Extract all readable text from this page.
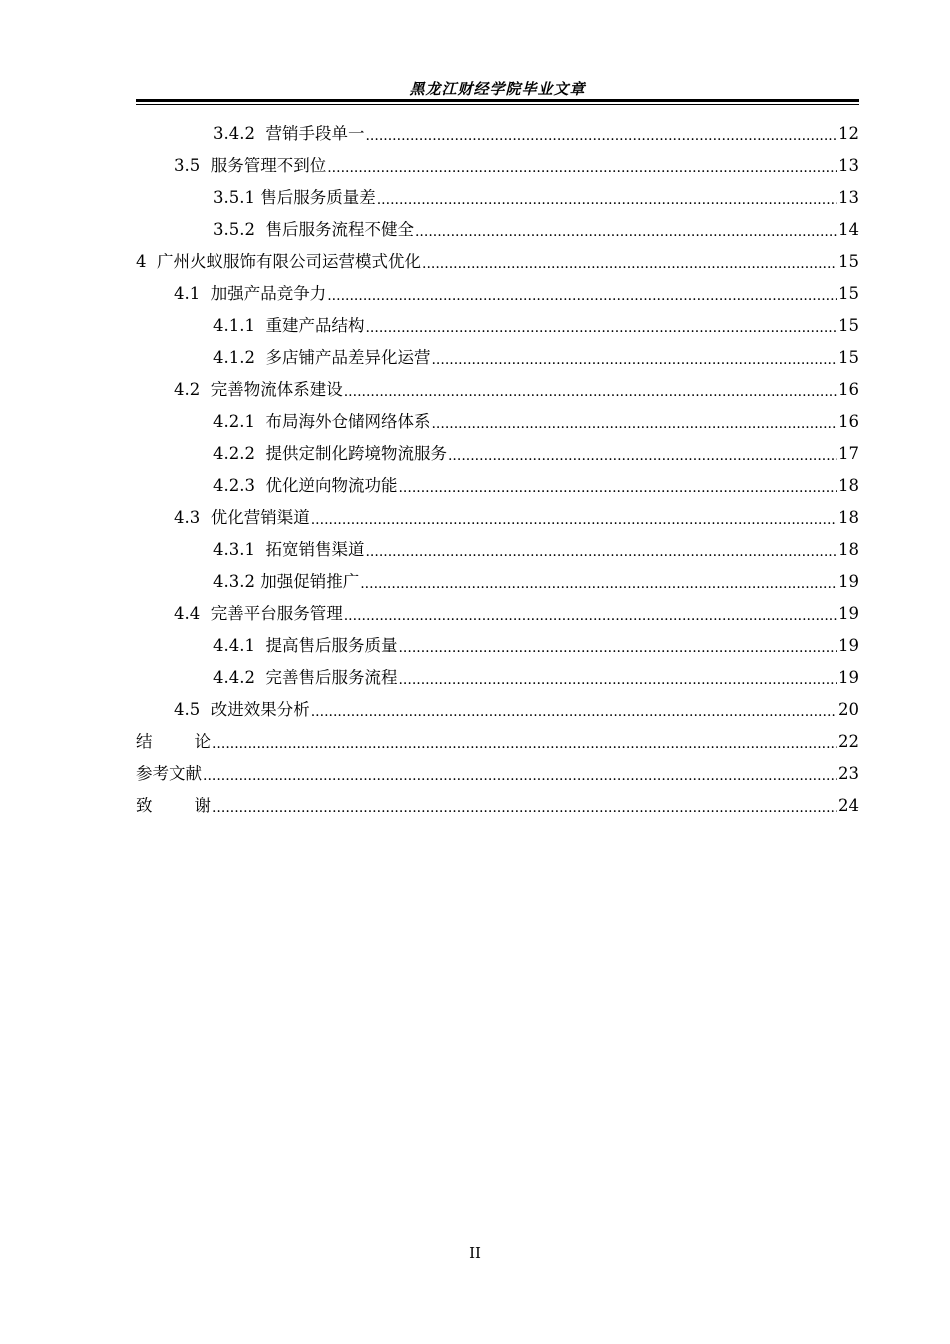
黑龙江财经学院毕业文章
3.4.2  营销手段单一 .....	12
3.5  服务管理不到位 .....	13
3.5.1 售后服务质量差 .....	13
3.5.2  售后服务流程不健全 .....	14
4  广州火蚁服饰有限公司运营模式优化 .....	15
4.1  加强产品竞争力 .....	15
4.1.1  重建产品结构 .....	15
4.1.2  多店铺产品差异化运营 .....	15
4.2  完善物流体系建设 .....	16
4.2.1  布局海外仓储网络体系 .....	16
4.2.2  提供定制化跨境物流服务 .....	17
4.2.3  优化逆向物流功能 .....	18
4.3  优化营销渠道 .....	18
4.3.1  拓宽销售渠道 .....	18
4.3.2 加强促销推广 .....	19
4.4  完善平台服务管理 .....	19
4.4.1  提高售后服务质量 .....	19
4.4.2  完善售后服务流程 .....	19
4.5  改进效果分析 .....	20
结        论 .....	22
参考文献 .....	23
致        谢 .....	24
II
